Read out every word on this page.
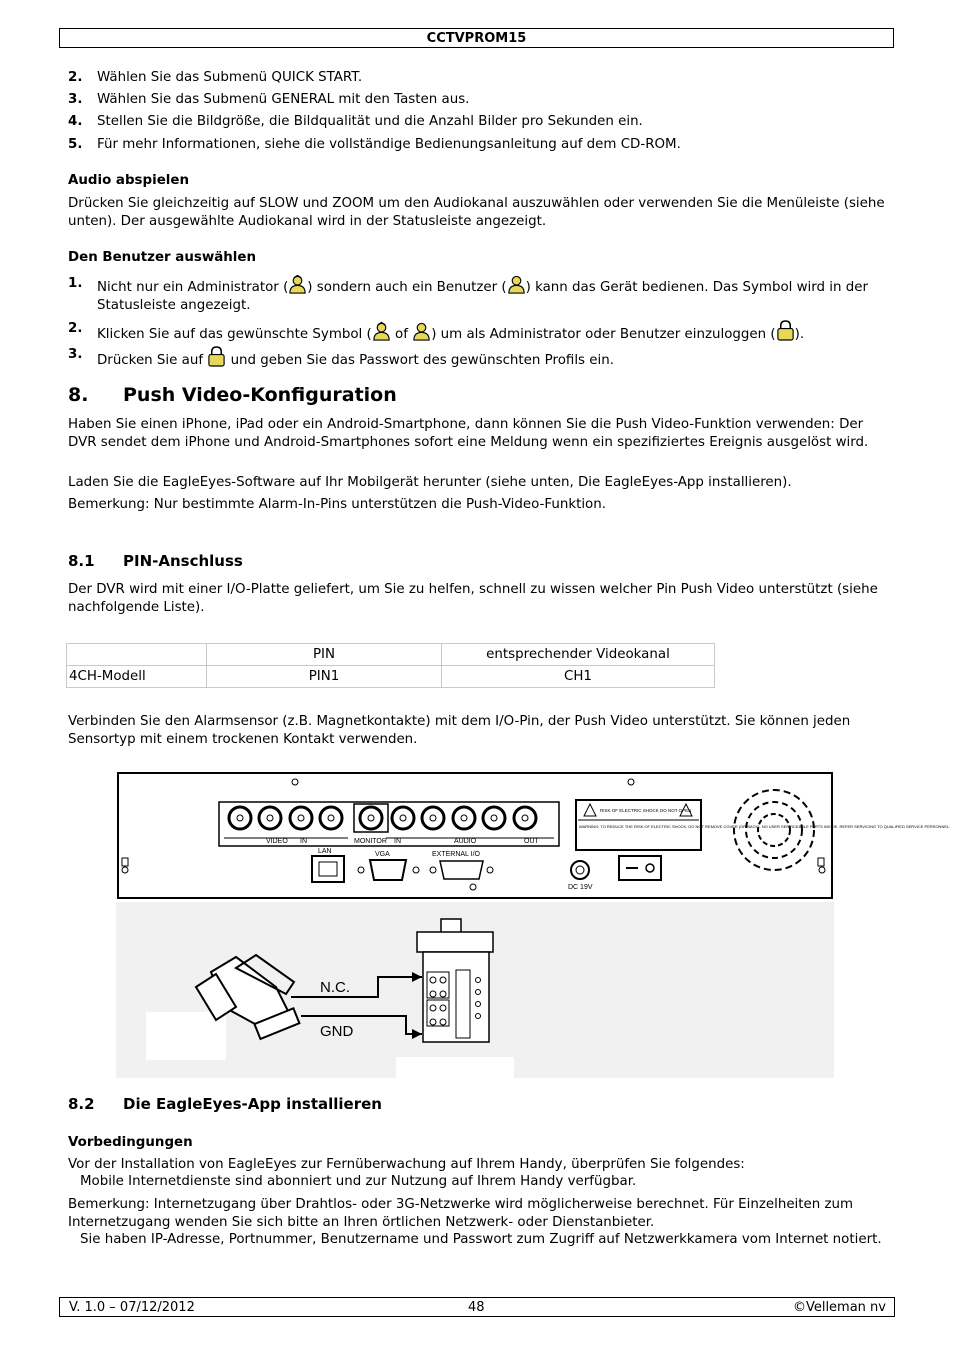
CCTVPROM15
2. Wählen Sie das Submenü QUICK START.
3. Wählen Sie das Submenü GENERAL mit den Tasten aus.
4. Stellen Sie die Bildgröße, die Bildqualität und die Anzahl Bilder pro Sekunden ein.
5. Für mehr Informationen, siehe die vollständige Bedienungsanleitung auf dem CD-ROM.
Audio abspielen
Drücken Sie gleichzeitig auf SLOW und ZOOM um den Audiokanal auszuwählen oder verwenden Sie die Menüleiste (siehe unten). Der ausgewählte Audiokanal wird in der Statusleiste angezeigt.
Den Benutzer auswählen
1. Nicht nur ein Administrator ( ) sondern auch ein Benutzer ( ) kann das Gerät bedienen. Das Symbol wird in der Statusleiste angezeigt.
2. Klicken Sie auf das gewünschte Symbol ( of ) um als Administrator oder Benutzer einzuloggen ( ).
3. Drücken Sie auf  und geben Sie das Passwort des gewünschten Profils ein.
8. Push Video-Konfiguration
Haben Sie einen iPhone, iPad oder ein Android-Smartphone, dann können Sie die Push Video-Funktion verwenden: Der DVR sendet dem iPhone und Android-Smartphones sofort eine Meldung wenn ein spezifiziertes Ereignis ausgelöst wird.
Laden Sie die EagleEyes-Software auf Ihr Mobilgerät herunter (siehe unten, Die EagleEyes-App installieren).
Bemerkung: Nur bestimmte Alarm-In-Pins unterstützen die Push-Video-Funktion.
8.1 PIN-Anschluss
Der DVR wird mit einer I/O-Platte geliefert, um Sie zu helfen, schnell zu wissen welcher Pin Push Video unterstützt (siehe nachfolgende Liste).
	PIN	entsprechender Videokanal
4CH-Modell	PIN1	CH1
Verbinden Sie den Alarmsensor (z.B. Magnetkontakte) mit dem I/O-Pin, der Push Video unterstützt. Sie können jeden Sensortyp mit einem trockenen Kontakt verwenden.
VIDEO IN	MONITOR IN	AUDIO	OUT
LAN	VGA	EXTERNAL I/O
RISK OF ELECTRIC SHOCK DO NOT OPEN
WARNING: TO REDUCE THE RISK OF ELECTRIC SHOCK, DO NOT REMOVE COVER (OR BACK). NO USER SERVICEABLE PARTS INSIDE. REFER SERVICING TO QUALIFIED SERVICE PERSONNEL.
DC 19V
N.C.
GND
8.2 Die EagleEyes-App installieren
Vorbedingungen
Vor der Installation von EagleEyes zur Fernüberwachung auf Ihrem Handy, überprüfen Sie folgendes:
Mobile Internetdienste sind abonniert und zur Nutzung auf Ihrem Handy verfügbar.
Bemerkung: Internetzugang über Drahtlos- oder 3G-Netzwerke wird möglicherweise berechnet. Für Einzelheiten zum Internetzugang wenden Sie sich bitte an Ihren örtlichen Netzwerk- oder Dienstanbieter.
Sie haben IP-Adresse, Portnummer, Benutzername und Passwort zum Zugriff auf Netzwerkkamera vom Internet notiert.
V. 1.0 – 07/12/2012	48	©Velleman nv
